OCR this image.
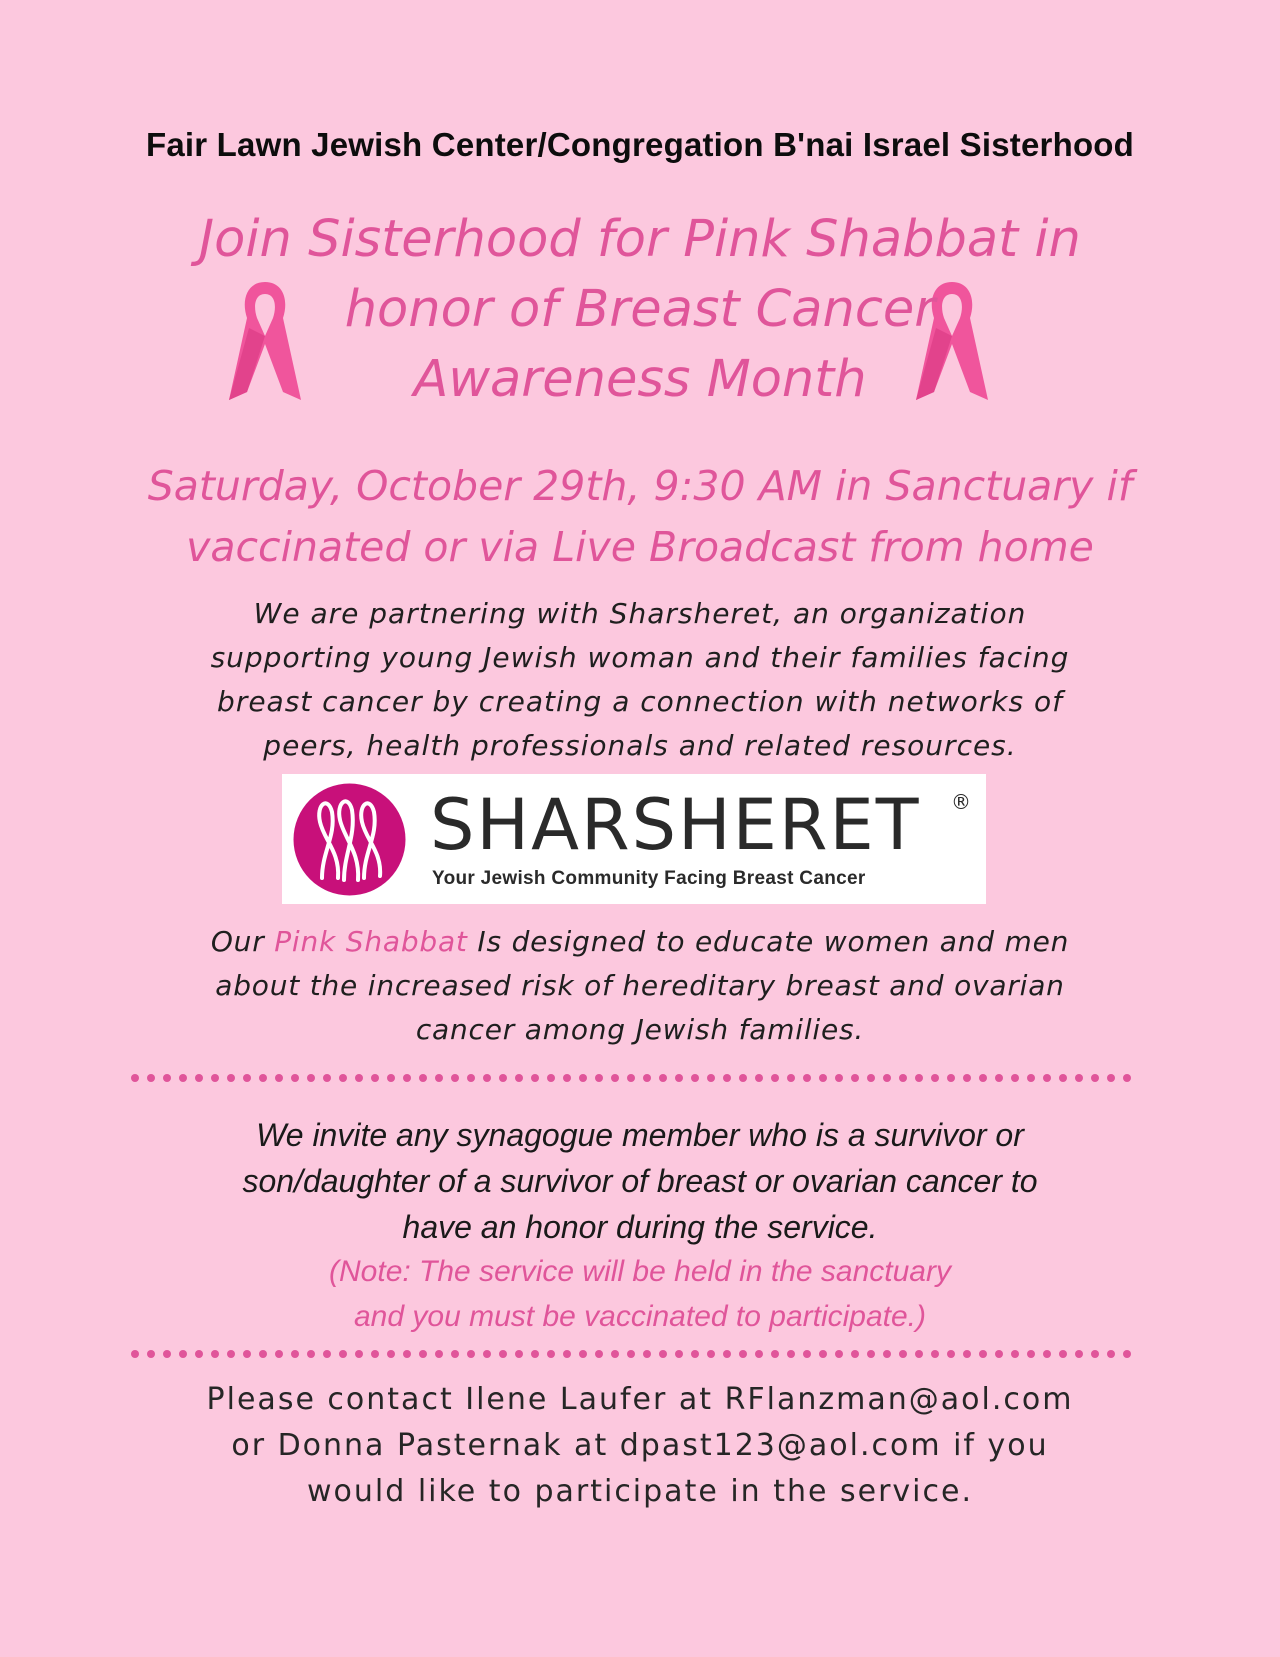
Fair Lawn Jewish Center/Congregation B'nai Israel Sisterhood
Join Sisterhood for Pink Shabbat in
honor of Breast Cancer
Awareness Month
Saturday, October 29th, 9:30 AM in Sanctuary if
vaccinated or via Live Broadcast from home
We are partnering with Sharsheret, an organization
supporting young Jewish woman and their families facing
breast cancer by creating a connection with networks of
peers, health professionals and related resources.
SHARSHERET ®
Your Jewish Community Facing Breast Cancer
Our Pink Shabbat Is designed to educate women and men
about the increased risk of hereditary breast and ovarian
cancer among Jewish families.
We invite any synagogue member who is a survivor or
son/daughter of a survivor of breast or ovarian cancer to
have an honor during the service.
(Note: The service will be held in the sanctuary
and you must be vaccinated to participate.)
Please contact Ilene Laufer at RFlanzman@aol.com
or Donna Pasternak at dpast123@aol.com if you
would like to participate in the service.
